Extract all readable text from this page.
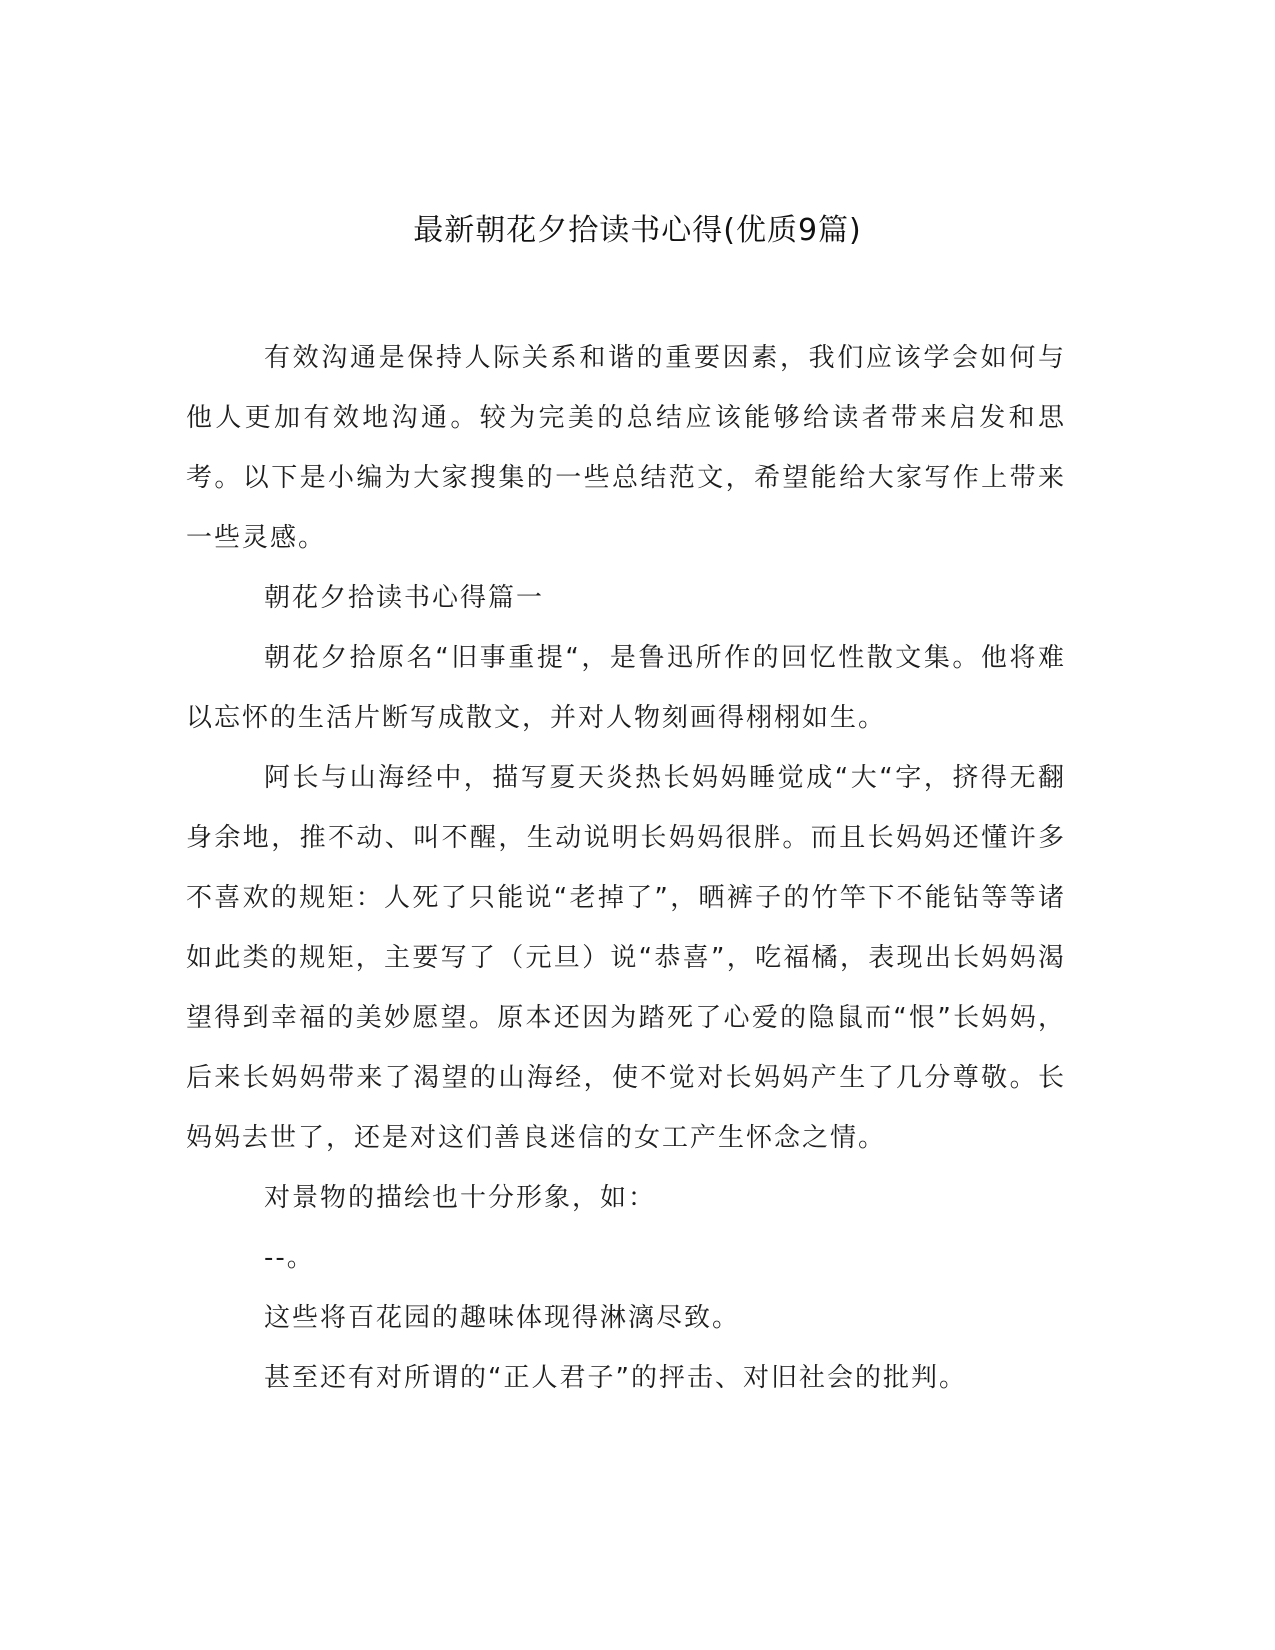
最新朝花夕拾读书心得(优质9篇)

有效沟通是保持人际关系和谐的重要因素，我们应该学会如何与他人更加有效地沟通。较为完美的总结应该能够给读者带来启发和思考。以下是小编为大家搜集的一些总结范文，希望能给大家写作上带来一些灵感。

朝花夕拾读书心得篇一

朝花夕拾原名“旧事重提“，是鲁迅所作的回忆性散文集。他将难以忘怀的生活片断写成散文，并对人物刻画得栩栩如生。

阿长与山海经中，描写夏天炎热长妈妈睡觉成“大“字，挤得无翻身余地，推不动、叫不醒，生动说明长妈妈很胖。而且长妈妈还懂许多不喜欢的规矩：人死了只能说“老掉了”，晒裤子的竹竿下不能钻等等诸如此类的规矩，主要写了（元旦）说“恭喜”，吃福橘，表现出长妈妈渴望得到幸福的美妙愿望。原本还因为踏死了心爱的隐鼠而“恨”长妈妈，后来长妈妈带来了渴望的山海经，使不觉对长妈妈产生了几分尊敬。长妈妈去世了，还是对这们善良迷信的女工产生怀念之情。

对景物的描绘也十分形象，如：

--。

这些将百花园的趣味体现得淋漓尽致。

甚至还有对所谓的“正人君子”的抨击、对旧社会的批判。
